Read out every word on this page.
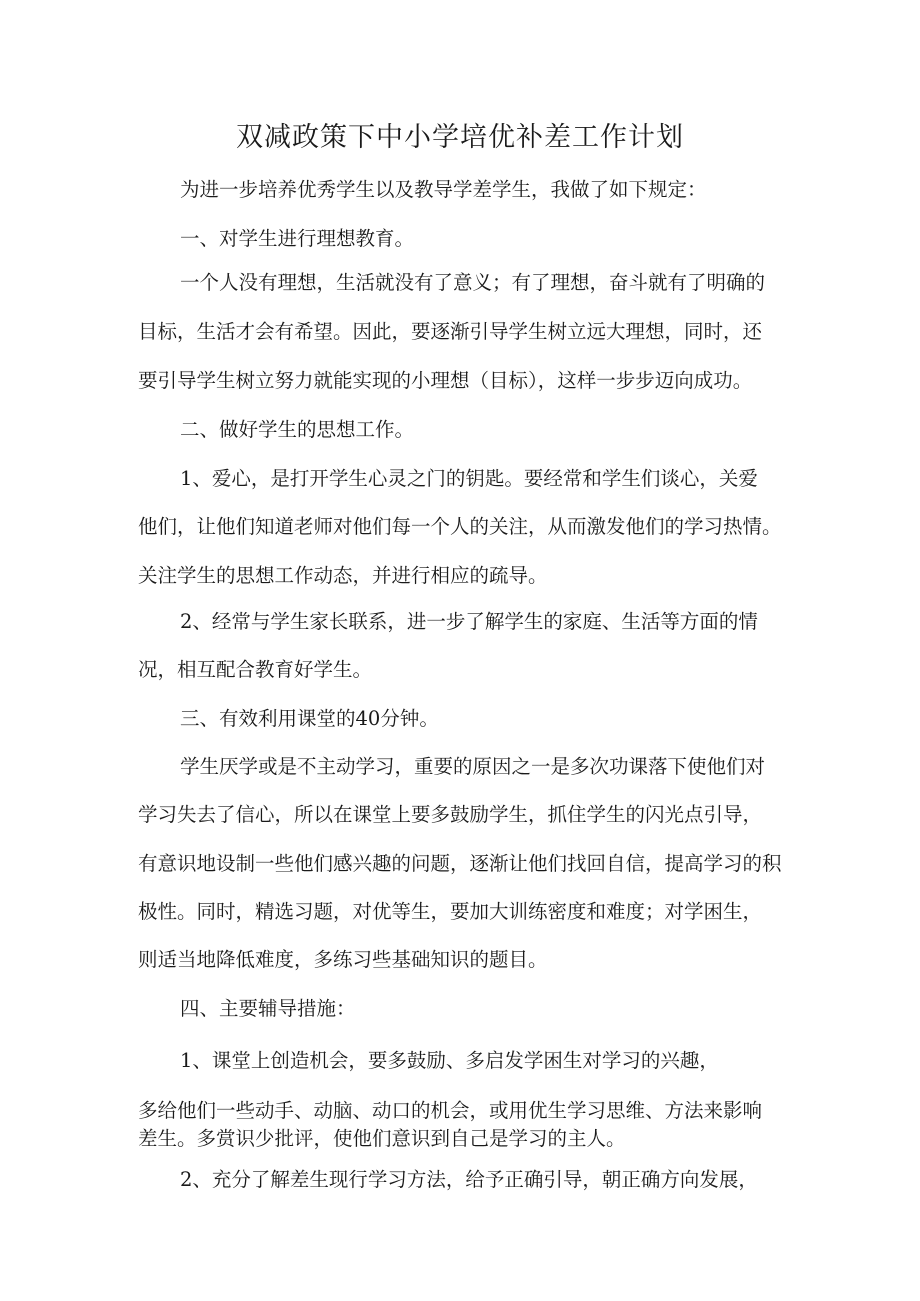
双减政策下中小学培优补差工作计划
为进一步培养优秀学生以及教导学差学生，我做了如下规定：
一、对学生进行理想教育。
一个人没有理想，生活就没有了意义；有了理想，奋斗就有了明确的
目标，生活才会有希望。因此，要逐渐引导学生树立远大理想，同时，还
要引导学生树立努力就能实现的小理想（目标），这样一步步迈向成功。
二、做好学生的思想工作。
1、爱心，是打开学生心灵之门的钥匙。要经常和学生们谈心，关爱
他们，让他们知道老师对他们每一个人的关注，从而激发他们的学习热情。
关注学生的思想工作动态，并进行相应的疏导。
2、经常与学生家长联系，进一步了解学生的家庭、生活等方面的情
况，相互配合教育好学生。
三、有效利用课堂的40分钟。
学生厌学或是不主动学习，重要的原因之一是多次功课落下使他们对
学习失去了信心，所以在课堂上要多鼓励学生，抓住学生的闪光点引导，
有意识地设制一些他们感兴趣的问题，逐渐让他们找回自信，提高学习的积
极性。同时，精选习题，对优等生，要加大训练密度和难度；对学困生，
则适当地降低难度，多练习些基础知识的题目。
四、主要辅导措施：
1、课堂上创造机会，要多鼓励、多启发学困生对学习的兴趣，
多给他们一些动手、动脑、动口的机会，或用优生学习思维、方法来影响
差生。多赏识少批评，使他们意识到自己是学习的主人。
2、充分了解差生现行学习方法，给予正确引导，朝正确方向发展，
